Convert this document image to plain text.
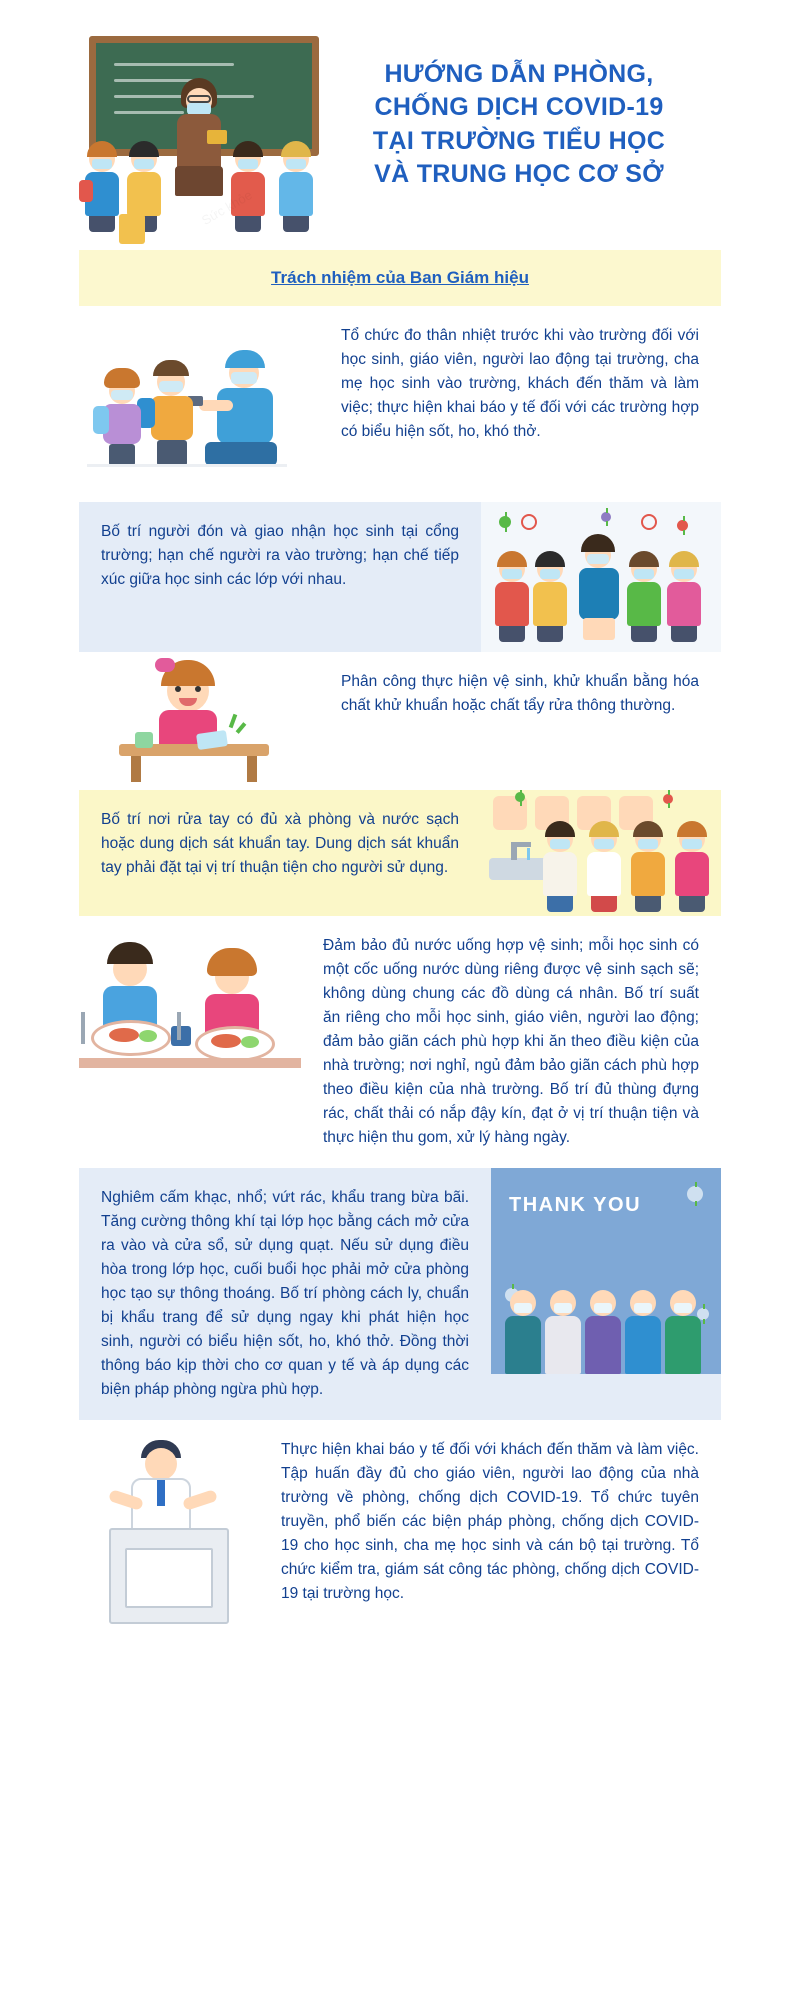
HƯỚNG DẪN PHÒNG,
CHỐNG DỊCH COVID-19
TẠI TRƯỜNG TIỂU HỌC
VÀ TRUNG HỌC CƠ SỞ
Trách nhiệm của Ban Giám hiệu
Tổ chức đo thân nhiệt trước khi vào trường đối với học sinh, giáo viên, người lao động tại trường, cha mẹ học sinh vào trường, khách đến thăm và làm việc; thực hiện khai báo y tế đối với các trường hợp có biểu hiện sốt, ho, khó thở.
Bố trí người đón và giao nhận học sinh tại cổng trường; hạn chế người ra vào trường; hạn chế tiếp xúc giữa học sinh các lớp với nhau.
Phân công thực hiện vệ sinh, khử khuẩn bằng hóa chất khử khuẩn hoặc chất tẩy rửa thông thường.
Bố trí nơi rửa tay có đủ xà phòng và nước sạch hoặc dung dịch sát khuẩn tay. Dung dịch sát khuẩn tay phải đặt tại vị trí thuận tiện cho người sử dụng.
Đảm bảo đủ nước uống hợp vệ sinh; mỗi học sinh có một cốc uống nước dùng riêng được vệ sinh sạch sẽ; không dùng chung các đồ dùng cá nhân. Bố trí suất ăn riêng cho mỗi học sinh, giáo viên, người lao động; đảm bảo giãn cách phù hợp khi ăn theo điều kiện của nhà trường; nơi nghỉ, ngủ đảm bảo giãn cách phù hợp theo điều kiện của nhà trường. Bố trí đủ thùng đựng rác, chất thải có nắp đậy kín, đạt ở vị trí thuận tiện và thực hiện thu gom, xử lý hàng ngày.
Nghiêm cấm khạc, nhổ; vứt rác, khẩu trang bừa bãi. Tăng cường thông khí tại lớp học bằng cách mở cửa ra vào và cửa sổ, sử dụng quạt. Nếu sử dụng điều hòa trong lớp học, cuối buổi học phải mở cửa phòng học tạo sự thông thoáng. Bố trí phòng cách ly, chuẩn bị khẩu trang để sử dụng ngay khi phát hiện học sinh, người có biểu hiện sốt, ho, khó thở. Đồng thời thông báo kịp thời cho cơ quan y tế và áp dụng các biện pháp phòng ngừa phù hợp.
THANK YOU
Thực hiện khai báo y tế đối với khách đến thăm và làm việc. Tập huấn đầy đủ cho giáo viên, người lao động của nhà trường về phòng, chống dịch COVID-19. Tổ chức tuyên truyền, phổ biến các biện pháp phòng, chống dịch COVID-19 cho học sinh, cha mẹ học sinh và cán bộ tại trường. Tổ chức kiểm tra, giám sát công tác phòng, chống dịch COVID-19 tại trường học.
